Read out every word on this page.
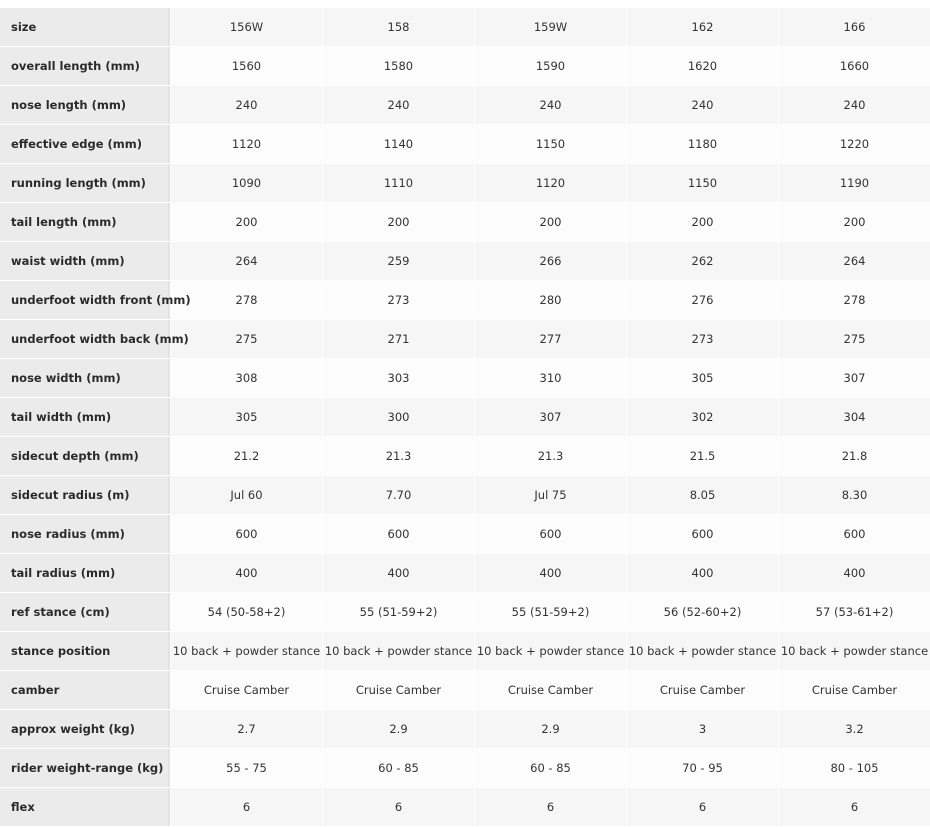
size	156W	158	159W	162	166
overall length (mm)	1560	1580	1590	1620	1660
nose length (mm)	240	240	240	240	240
effective edge (mm)	1120	1140	1150	1180	1220
running length (mm)	1090	1110	1120	1150	1190
tail length (mm)	200	200	200	200	200
waist width (mm)	264	259	266	262	264
underfoot width front (mm)	278	273	280	276	278
underfoot width back (mm)	275	271	277	273	275
nose width (mm)	308	303	310	305	307
tail width (mm)	305	300	307	302	304
sidecut depth (mm)	21.2	21.3	21.3	21.5	21.8
sidecut radius (m)	Jul 60	7.70	Jul 75	8.05	8.30
nose radius (mm)	600	600	600	600	600
tail radius (mm)	400	400	400	400	400
ref stance (cm)	54 (50-58+2)	55 (51-59+2)	55 (51-59+2)	56 (52-60+2)	57 (53-61+2)
stance position	10 back + powder stance	10 back + powder stance	10 back + powder stance	10 back + powder stance	10 back + powder stance
camber	Cruise Camber	Cruise Camber	Cruise Camber	Cruise Camber	Cruise Camber
approx weight (kg)	2.7	2.9	2.9	3	3.2
rider weight-range (kg)	55 - 75	60 - 85	60 - 85	70 - 95	80 - 105
flex	6	6	6	6	6
